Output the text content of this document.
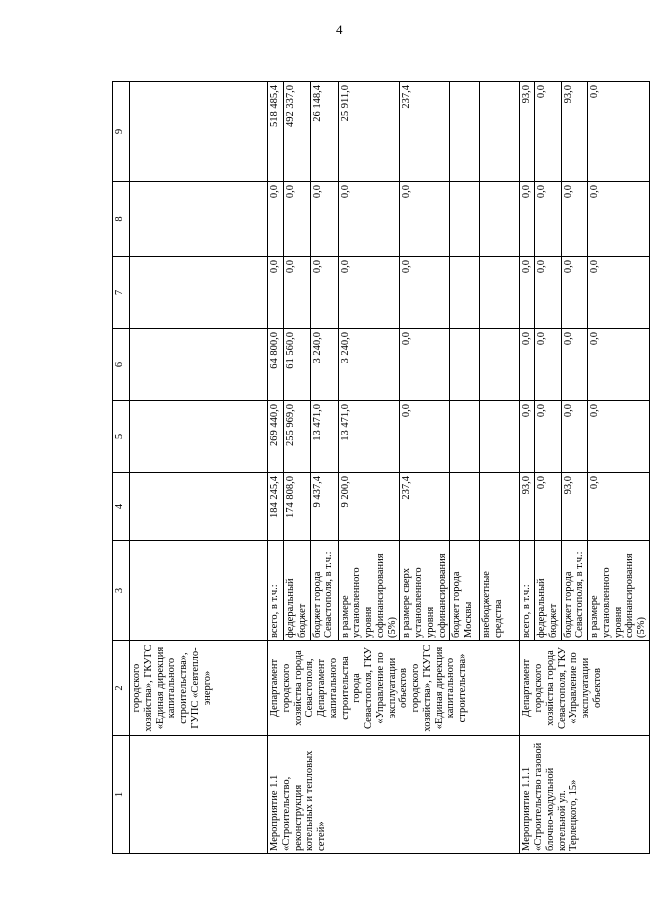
4
1	2	3	4	5	6	7	8	9
	городского хозяйства», ГКУГС «Единая дирекция капитального строительства», ГУПС «Севтепло-энерго»							
Мероприятие 1.1 «Строительство, реконструкция котельных и тепловых сетей»	Департамент городского хозяйства города Севастополя, Департамент капитального строительства города Севастополя, ГКУ «Управление по эксплуатации объектов городского хозяйства», ГКУГС «Единая дирекция капитального строительства»	всего, в т.ч.:	184 245,4	269 440,0	64 800,0	0,0	0,0	518 485,4
		федеральный бюджет	174 808,0	255 969,0	61 560,0	0,0	0,0	492 337,0
		бюджет города Севастополя, в т.ч.:	9 437,4	13 471,0	3 240,0	0,0	0,0	26 148,4
		в размере установленного уровня софинансирования (5%)	9 200,0	13 471,0	3 240,0	0,0	0,0	25 911,0
		в размере сверх установленного уровня софинансирования	237,4	0,0	0,0	0,0	0,0	237,4
		бюджет города Москвы						
		внебюджетные средства						
Мероприятие 1.1.1 «Строительство газовой блочно-модульной котельной ул. Терлецкого, 15»	Департамент городского хозяйства города Севастополя, ГКУ «Управление по эксплуатации объектов	всего, в т.ч.:	93,0	0,0	0,0	0,0	0,0	93,0
		федеральный бюджет	0,0	0,0	0,0	0,0	0,0	0,0
		бюджет города Севастополя, в т.ч.:	93,0	0,0	0,0	0,0	0,0	93,0
		в размере установленного уровня софинансирования (5%)	0,0	0,0	0,0	0,0	0,0	0,0
